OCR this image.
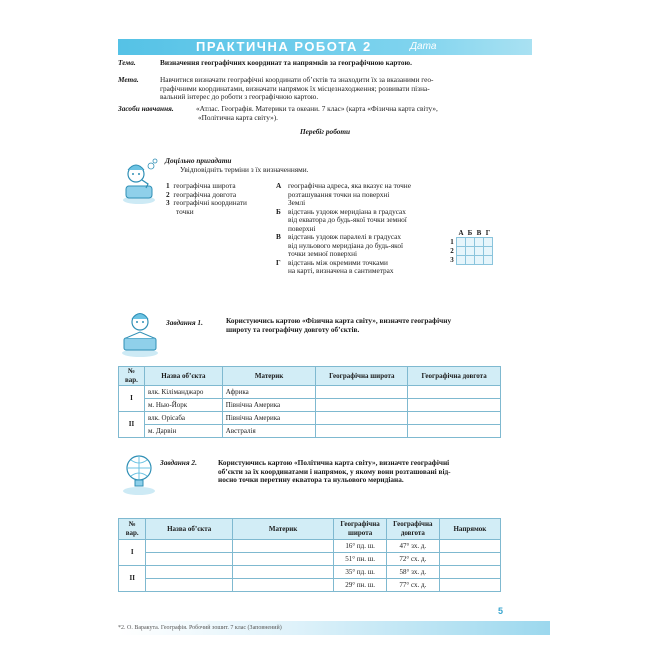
ПРАКТИЧНА РОБОТА 2	Дата
Тема.	Визначення географічних координат та напрямків за географічною картою.
Мета.	Навчитися визначати географічні координати об’єктів та знаходити їх за вказаними гео-
графічними координатами, визначати напрямок їх місцезнаходження; розвивати пізна-
вальний інтерес до роботи з географічною картою.
Засоби навчання.	«Атлас. Географія. Материки та океани. 7 клас» (карта «Фізична карта світу»,
«Політична карта світу»).
Перебіг роботи
Доцільно пригадати
Увідповідніть терміни з їх визначеннями.
1 географічна широта
2 географічна довгота
3 географічні координати
точки
А географічна адреса, яка вказує на точне
розташування точки на поверхні
Землі
Б відстань уздовж меридіана в градусах
від екватора до будь-якої точки земної
поверхні
В відстань уздовж паралелі в градусах
від нульового меридіана до будь-якої
точки земної поверхні
Г	відстань між окремими точками
на карті, визначена в сантиметрах
	А	Б	В	Г
1				
2				
3				
Завдання 1.	Користуючись картою «Фізична карта світу», визначте географічну
широту та географічну довготу об’єктів.
№ вар.	Назва об’єкта	Материк	Географічна широта	Географічна довгота
I	влк. Кіліманджаро	Африка		
	м. Нью-Йорк	Північна Америка		
II	влк. Орісаба	Північна Америка		
	м. Дарвін	Австралія		
Завдання 2.	Користуючись картою «Політична карта світу», визначте географічні
об’єкти за їх координатами і напрямок, у якому вони розташовані від-
носно точки перетину екватора та нульового меридіана.
№ вар.	Назва об’єкта	Материк	Географічна широта	Географічна довгота	Напрямок
I			16° пд. ш.	47° зх. д.	
			51° пн. ш.	72° сх. д.	
II			35° пд. ш.	58° зх. д.	
			29° пн. ш.	77° сх. д.	
5
*2. О. Варакута. Географія. Робочий зошит. 7 клас (Заповнений)
